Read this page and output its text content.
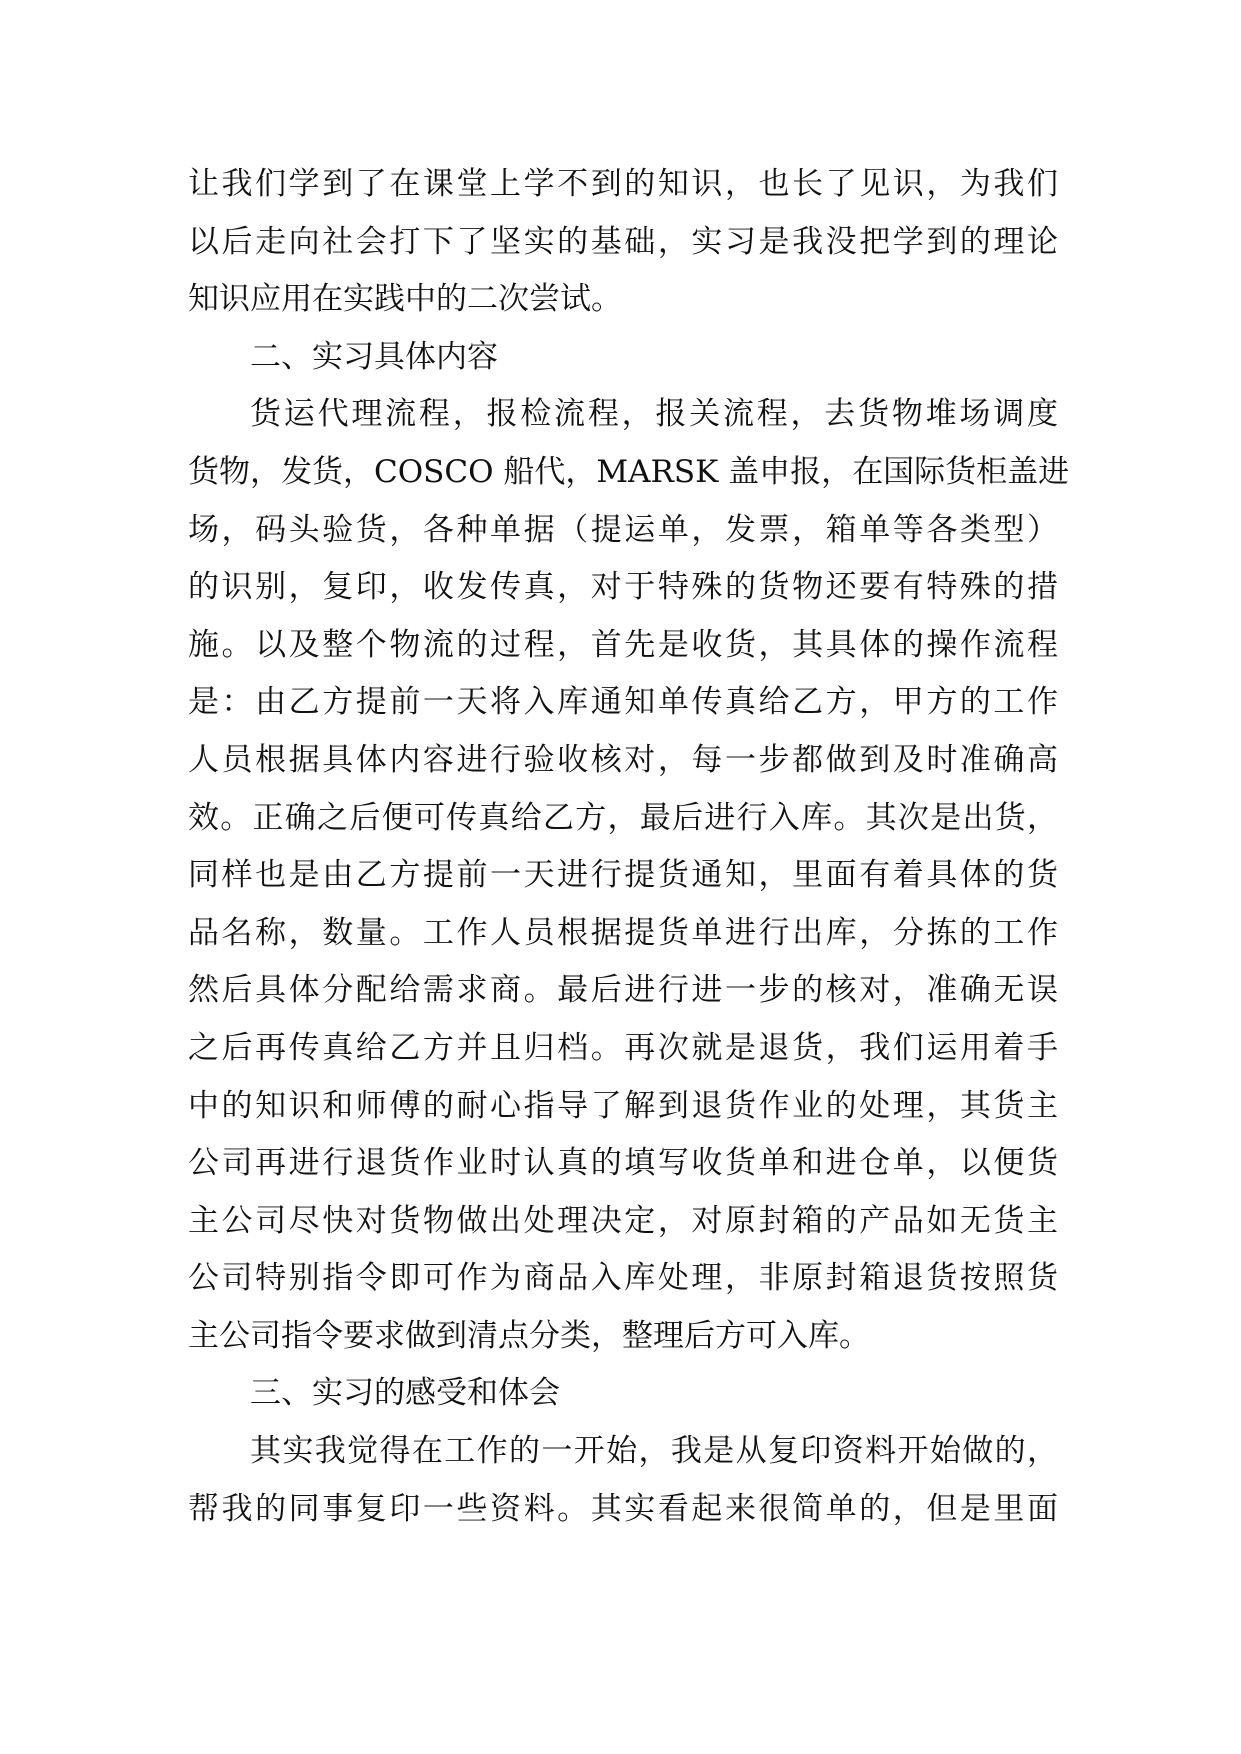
让我们学到了在课堂上学不到的知识，也长了见识，为我们
以后走向社会打下了坚实的基础，实习是我没把学到的理论
知识应用在实践中的二次尝试。
二、实习具体内容
货运代理流程，报检流程，报关流程，去货物堆场调度
货物，发货，COSCO 船代，MARSK 盖申报，在国际货柜盖进
场，码头验货，各种单据（提运单，发票，箱单等各类型）
的识别，复印，收发传真，对于特殊的货物还要有特殊的措
施。以及整个物流的过程，首先是收货，其具体的操作流程
是：由乙方提前一天将入库通知单传真给乙方，甲方的工作
人员根据具体内容进行验收核对，每一步都做到及时准确高
效。正确之后便可传真给乙方，最后进行入库。其次是出货，
同样也是由乙方提前一天进行提货通知，里面有着具体的货
品名称，数量。工作人员根据提货单进行出库，分拣的工作
然后具体分配给需求商。最后进行进一步的核对，准确无误
之后再传真给乙方并且归档。再次就是退货，我们运用着手
中的知识和师傅的耐心指导了解到退货作业的处理，其货主
公司再进行退货作业时认真的填写收货单和进仓单，以便货
主公司尽快对货物做出处理决定，对原封箱的产品如无货主
公司特别指令即可作为商品入库处理，非原封箱退货按照货
主公司指令要求做到清点分类，整理后方可入库。
三、实习的感受和体会
其实我觉得在工作的一开始，我是从复印资料开始做的，
帮我的同事复印一些资料。其实看起来很简单的，但是里面
